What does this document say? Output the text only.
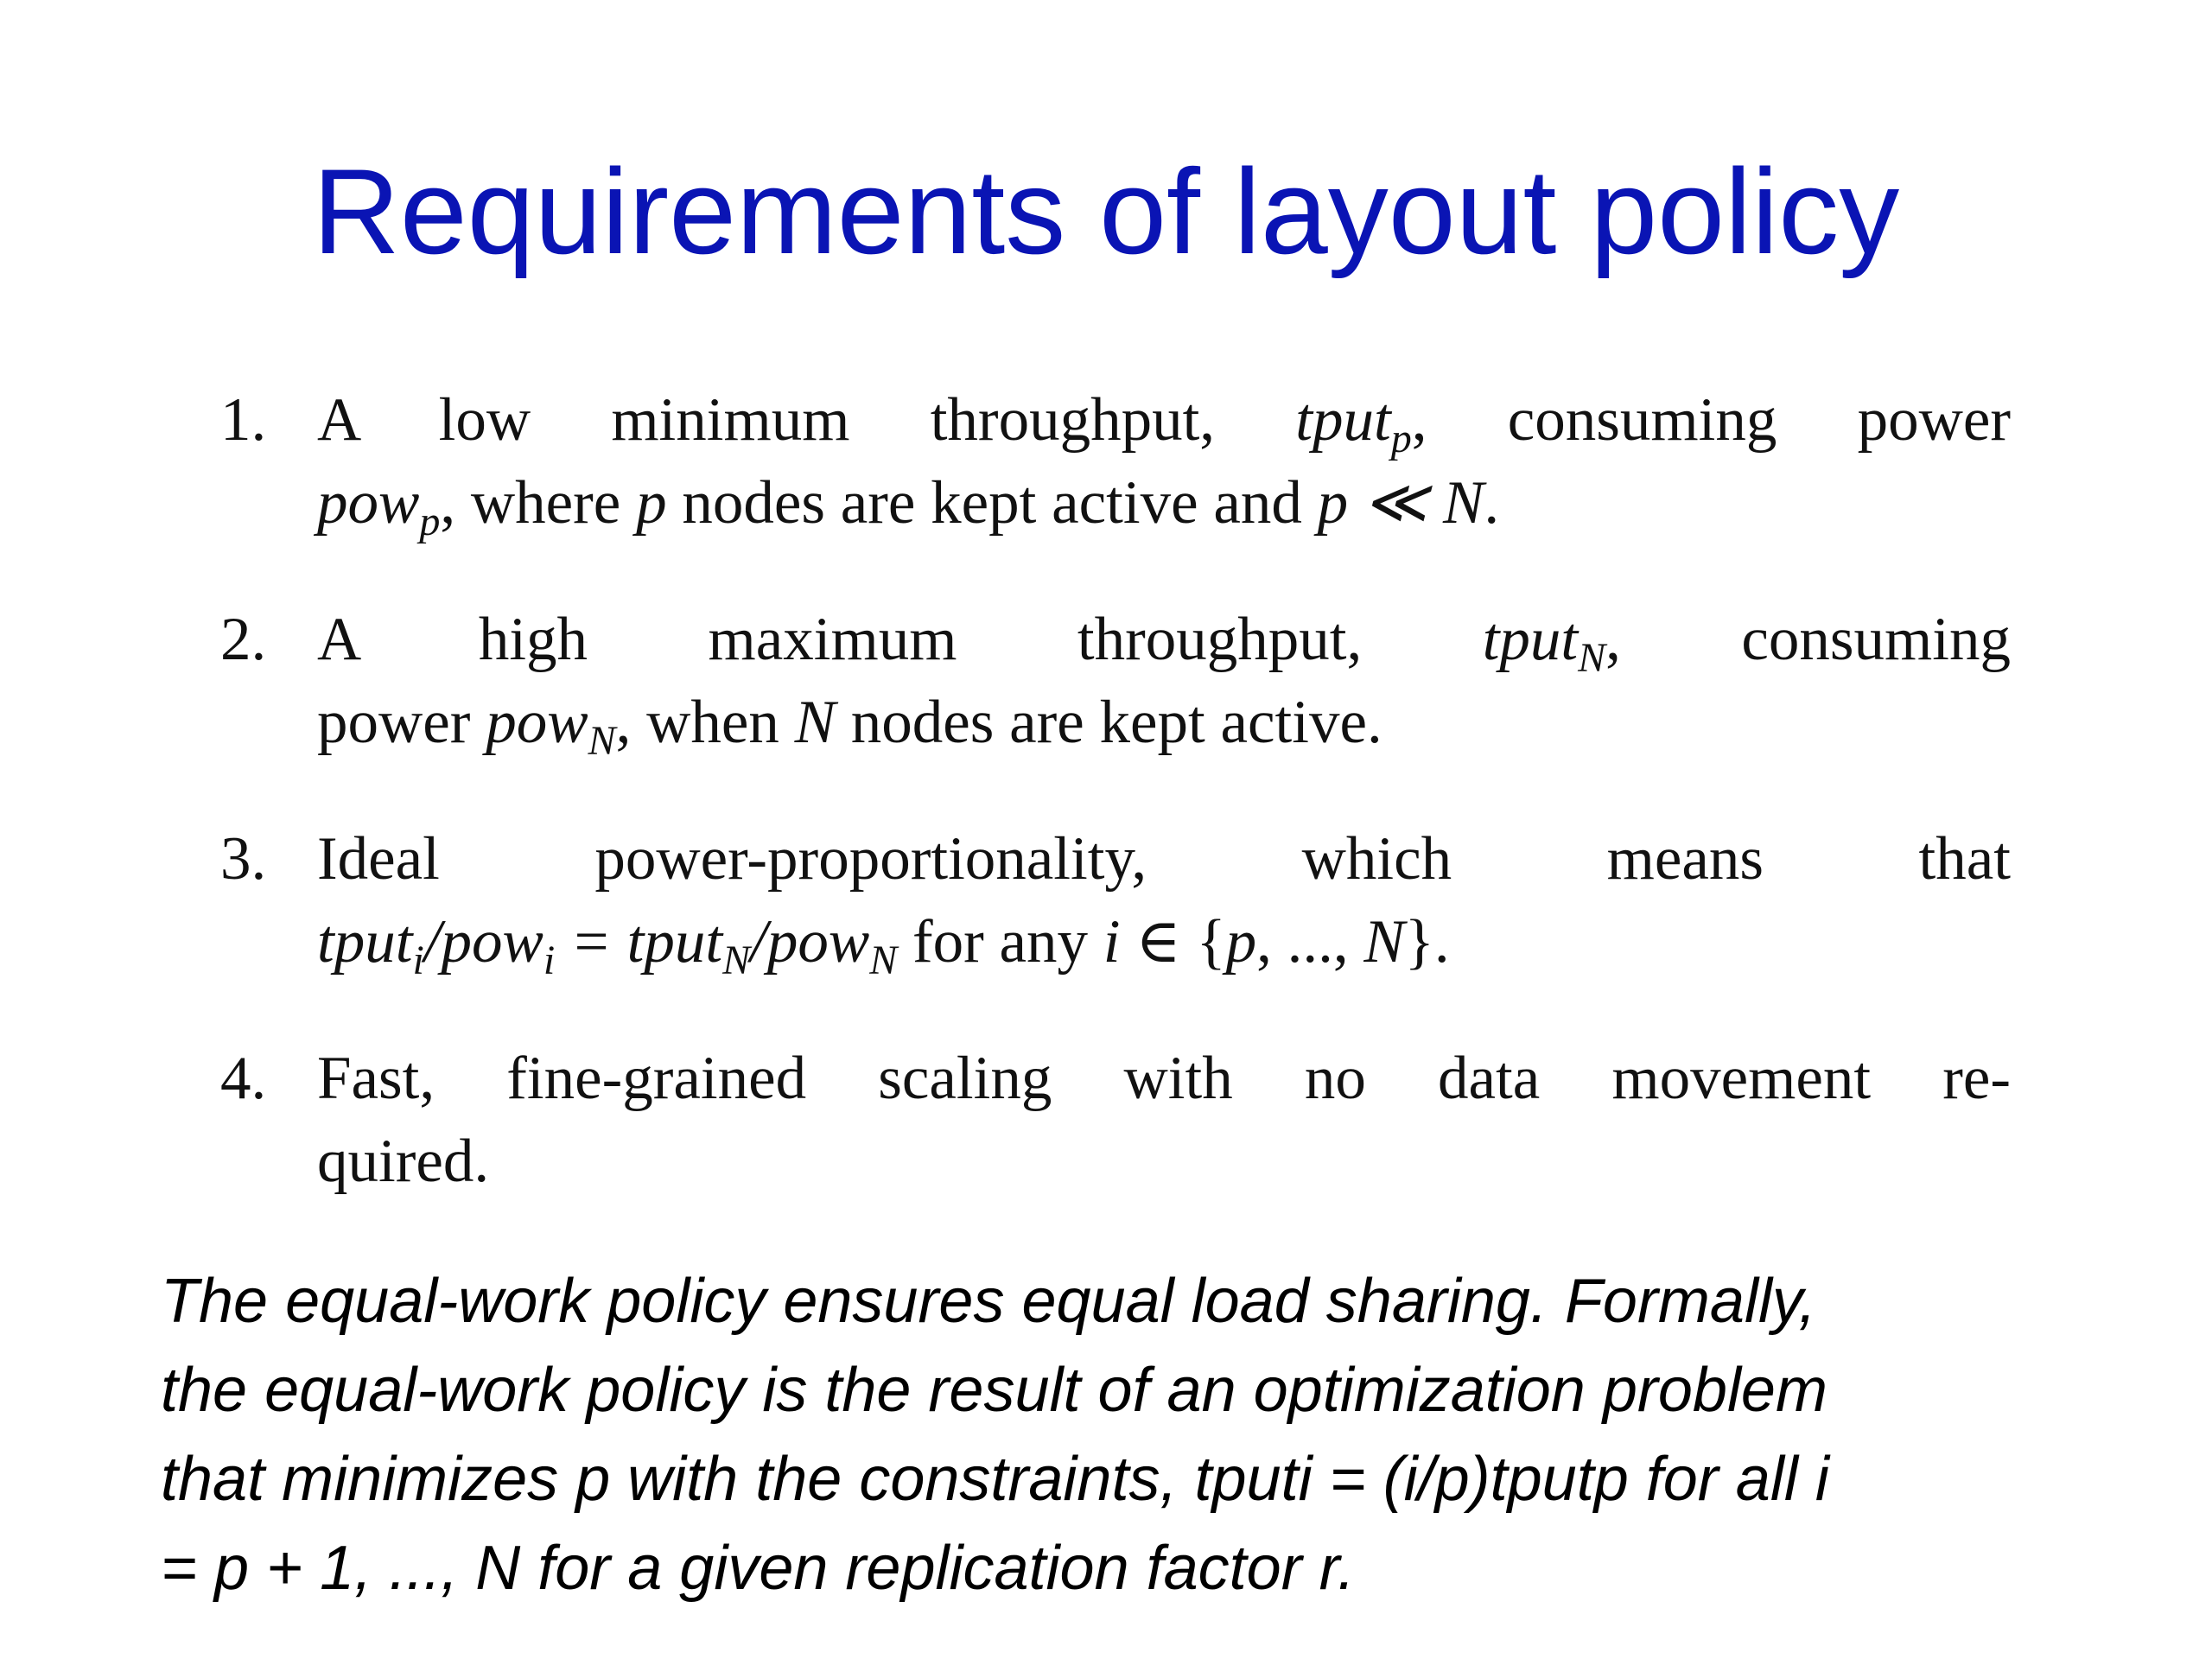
Requirements of layout policy
1. A low minimum throughput, tput$_p$, consuming power
pow$_p$, where p nodes are kept active and p ≪ N.
2. A high maximum throughput, tput$_N$, consuming
power pow$_N$, when N nodes are kept active.
3. Ideal power-proportionality, which means that
tput$_i$/pow$_i$ = tput$_N$/pow$_N$ for any i ∈ {p, ..., N}.
4. Fast, fine-grained scaling with no data movement re-
quired.
The equal-work policy ensures equal load sharing. Formally,
the equal-work policy is the result of an optimization problem
that minimizes p with the constraints, tputi = (i/p)tputp for all i
= p + 1, ..., N for a given replication factor r.
